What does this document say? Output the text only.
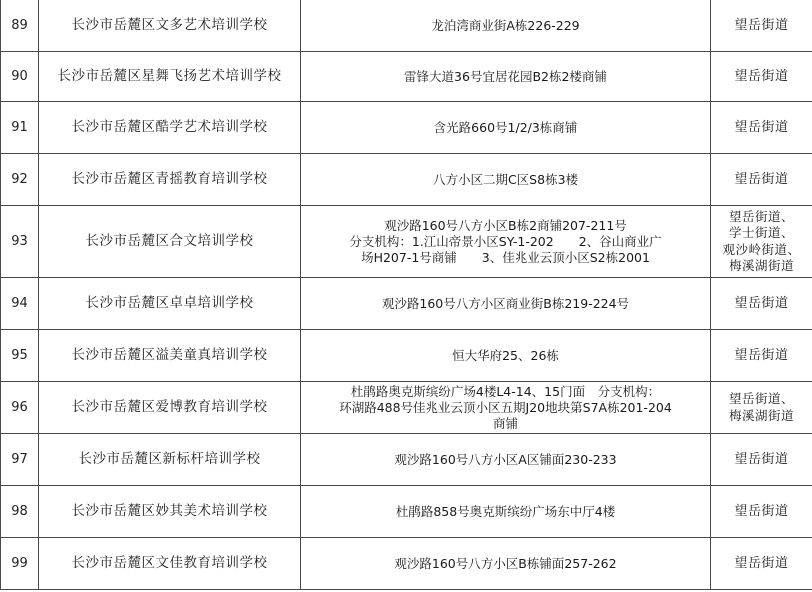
89	长沙市岳麓区文多艺术培训学校	龙泊湾商业街A栋226-229	望岳街道

90	长沙市岳麓区星舞飞扬艺术培训学校	雷锋大道36号宜居花园B2栋2楼商铺	望岳街道

91	长沙市岳麓区酷学艺术培训学校	含光路660号1/2/3栋商铺	望岳街道

92	长沙市岳麓区青摇教育培训学校	八方小区二期C区S8栋3楼	望岳街道

93	长沙市岳麓区合文培训学校	观沙路160号八方小区B栋2商铺207-211号
分支机构：1.江山帝景小区SY-1-202　　2、谷山商业广
场H207-1号商铺　　3、佳兆业云顶小区S2栋2001	望岳街道、
学士街道、
观沙岭街道、
梅溪湖街道

94	长沙市岳麓区卓卓培训学校	观沙路160号八方小区商业街B栋219-224号	望岳街道

95	长沙市岳麓区溢美童真培训学校	恒大华府25、26栋	望岳街道

96	长沙市岳麓区爱博教育培训学校	杜鹃路奥克斯缤纷广场4楼L4-14、15门面　分支机构：
环湖路488号佳兆业云顶小区五期J20地块第S7A栋201-204
商铺	望岳街道、
梅溪湖街道

97	长沙市岳麓区新标杆培训学校	观沙路160号八方小区A区铺面230-233	望岳街道

98	长沙市岳麓区妙其美术培训学校	杜鹃路858号奥克斯缤纷广场东中厅4楼	望岳街道

99	长沙市岳麓区文佳教育培训学校	观沙路160号八方小区B栋铺面257-262	望岳街道
